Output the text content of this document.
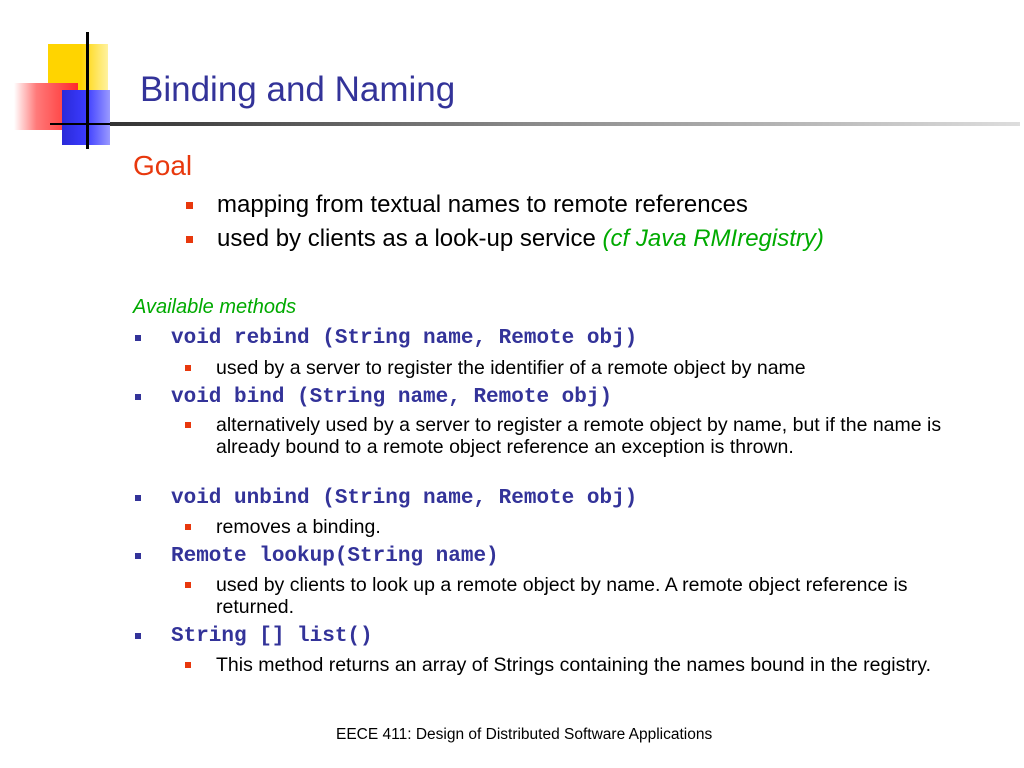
Binding and Naming
Goal
mapping from textual names to remote references
used by clients as a look-up service (cf Java RMIregistry)
Available methods
void rebind (String name, Remote obj)
used by a server to register the identifier of a remote object by name
void bind (String name, Remote obj)
alternatively used by a server to register a remote object by name, but if the name is already bound to a remote object reference an exception is thrown.
void unbind (String name, Remote obj)
removes a binding.
Remote lookup(String name)
used by clients to look up a remote object by name. A remote object reference is returned.
String [] list()
This method returns an array of Strings containing the names bound in the registry.
EECE 411: Design of Distributed Software Applications
